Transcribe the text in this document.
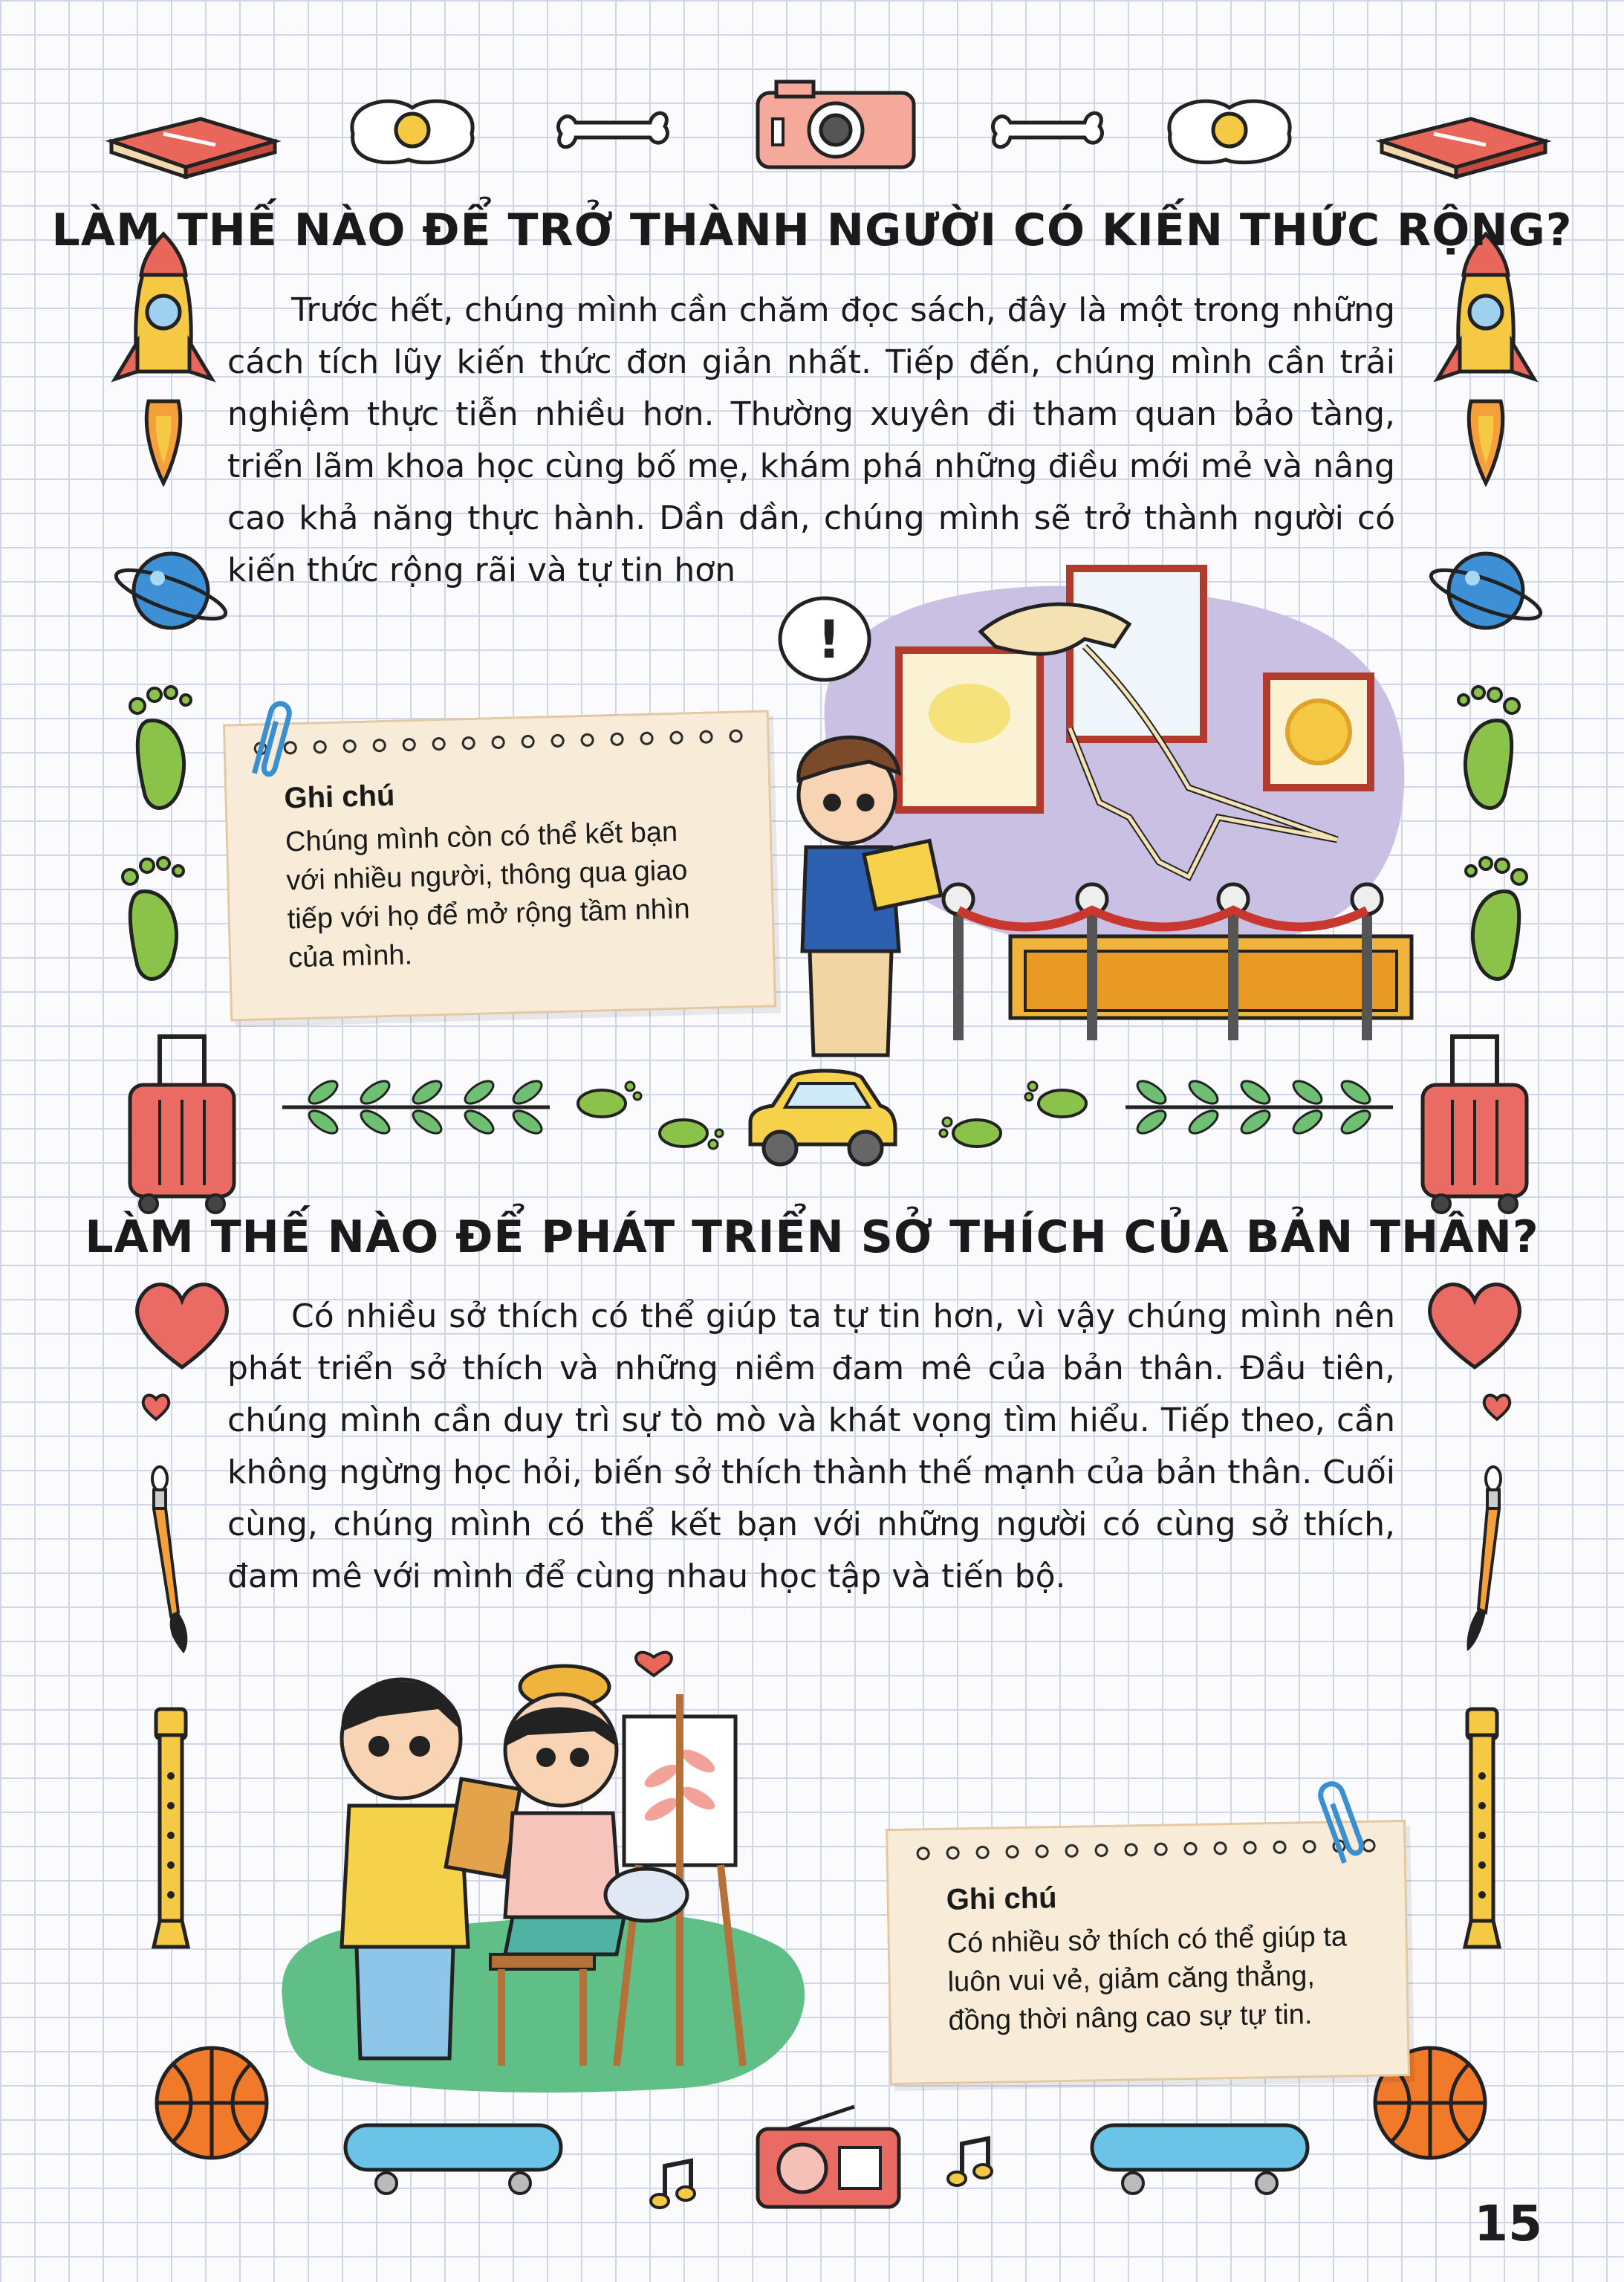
LÀM THẾ NÀO ĐỂ TRỞ THÀNH NGƯỜI CÓ KIẾN THỨC RỘNG?
Trước hết, chúng mình cần chăm đọc sách, đây là một trong những cách tích lũy kiến thức đơn giản nhất. Tiếp đến, chúng mình cần trải nghiệm thực tiễn nhiều hơn. Thường xuyên đi tham quan bảo tàng, triển lãm khoa học cùng bố mẹ, khám phá những điều mới mẻ và nâng cao khả năng thực hành. Dần dần, chúng mình sẽ trở thành người có kiến thức rộng rãi và tự tin hơn
!
Ghi chú
Chúng mình còn có thể kết bạn với nhiều người, thông qua giao tiếp với họ để mở rộng tầm nhìn của mình.
LÀM THẾ NÀO ĐỂ PHÁT TRIỂN SỞ THÍCH CỦA BẢN THÂN?
Có nhiều sở thích có thể giúp ta tự tin hơn, vì vậy chúng mình nên phát triển sở thích và những niềm đam mê của bản thân. Đầu tiên, chúng mình cần duy trì sự tò mò và khát vọng tìm hiểu. Tiếp theo, cần không ngừng học hỏi, biến sở thích thành thế mạnh của bản thân. Cuối cùng, chúng mình có thể kết bạn với những người có cùng sở thích, đam mê với mình để cùng nhau học tập và tiến bộ.
Ghi chú
Có nhiều sở thích có thể giúp ta luôn vui vẻ, giảm căng thẳng, đồng thời nâng cao sự tự tin.
15
